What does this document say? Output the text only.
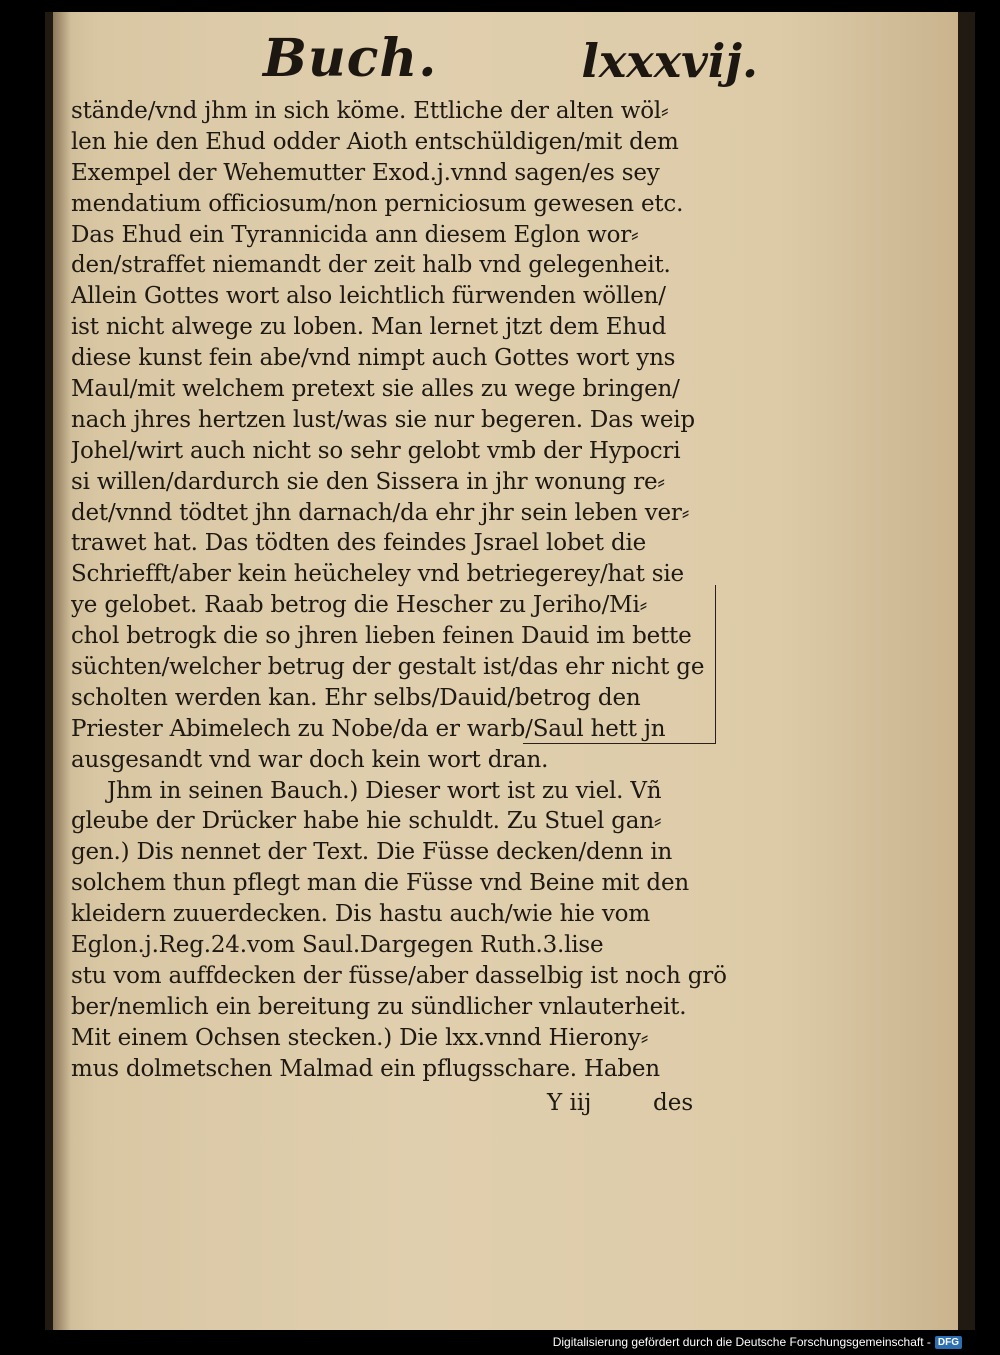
Buch.	lxxxvij.
stände/vnd jhm in sich köme. Ettliche der alten wöl⸗
len hie den Ehud odder Aioth entschüldigen/mit dem
Exempel der Wehemutter Exod.j.vnnd sagen/es sey
mendatium officiosum/non perniciosum gewesen etc.
Das Ehud ein Tyrannicida ann diesem Eglon wor⸗
den/straffet niemandt der zeit halb vnd gelegenheit.
Allein Gottes wort also leichtlich fürwenden wöllen/
ist nicht alwege zu loben. Man lernet jtzt dem Ehud
diese kunst fein abe/vnd nimpt auch Gottes wort yns
Maul/mit welchem pretext sie alles zu wege bringen/
nach jhres hertzen lust/was sie nur begeren. Das weip
Johel/wirt auch nicht so sehr gelobt vmb der Hypocri
si willen/dardurch sie den Sissera in jhr wonung re⸗
det/vnnd tödtet jhn darnach/da ehr jhr sein leben ver⸗
trawet hat. Das tödten des feindes Jsrael lobet die
Schriefft/aber kein heücheley vnd betriegerey/hat sie
ye gelobet. Raab betrog die Hescher zu Jeriho/Mi⸗
chol betrogk die so jhren lieben feinen Dauid im bette
süchten/welcher betrug der gestalt ist/das ehr nicht ge
scholten werden kan. Ehr selbs/Dauid/betrog den
Priester Abimelech zu Nobe/da er warb/Saul hett jn
ausgesandt vnd war doch kein wort dran.
Jhm in seinen Bauch.) Dieser wort ist zu viel. Vñ
gleube der Drücker habe hie schuldt. Zu Stuel gan⸗
gen.) Dis nennet der Text. Die Füsse decken/denn in
solchem thun pflegt man die Füsse vnd Beine mit den
kleidern zuuerdecken. Dis hastu auch/wie hie vom
Eglon.j.Reg.24.vom Saul.Dargegen Ruth.3.lise
stu vom auffdecken der füsse/aber dasselbig ist noch grö
ber/nemlich ein bereitung zu sündlicher vnlauterheit.
Mit einem Ochsen stecken.) Die lxx.vnnd Hierony⸗
mus dolmetschen Malmad ein pflugsschare. Haben
Y iij	des
Digitalisierung gefördert durch die Deutsche Forschungsgemeinschaft - DFG
